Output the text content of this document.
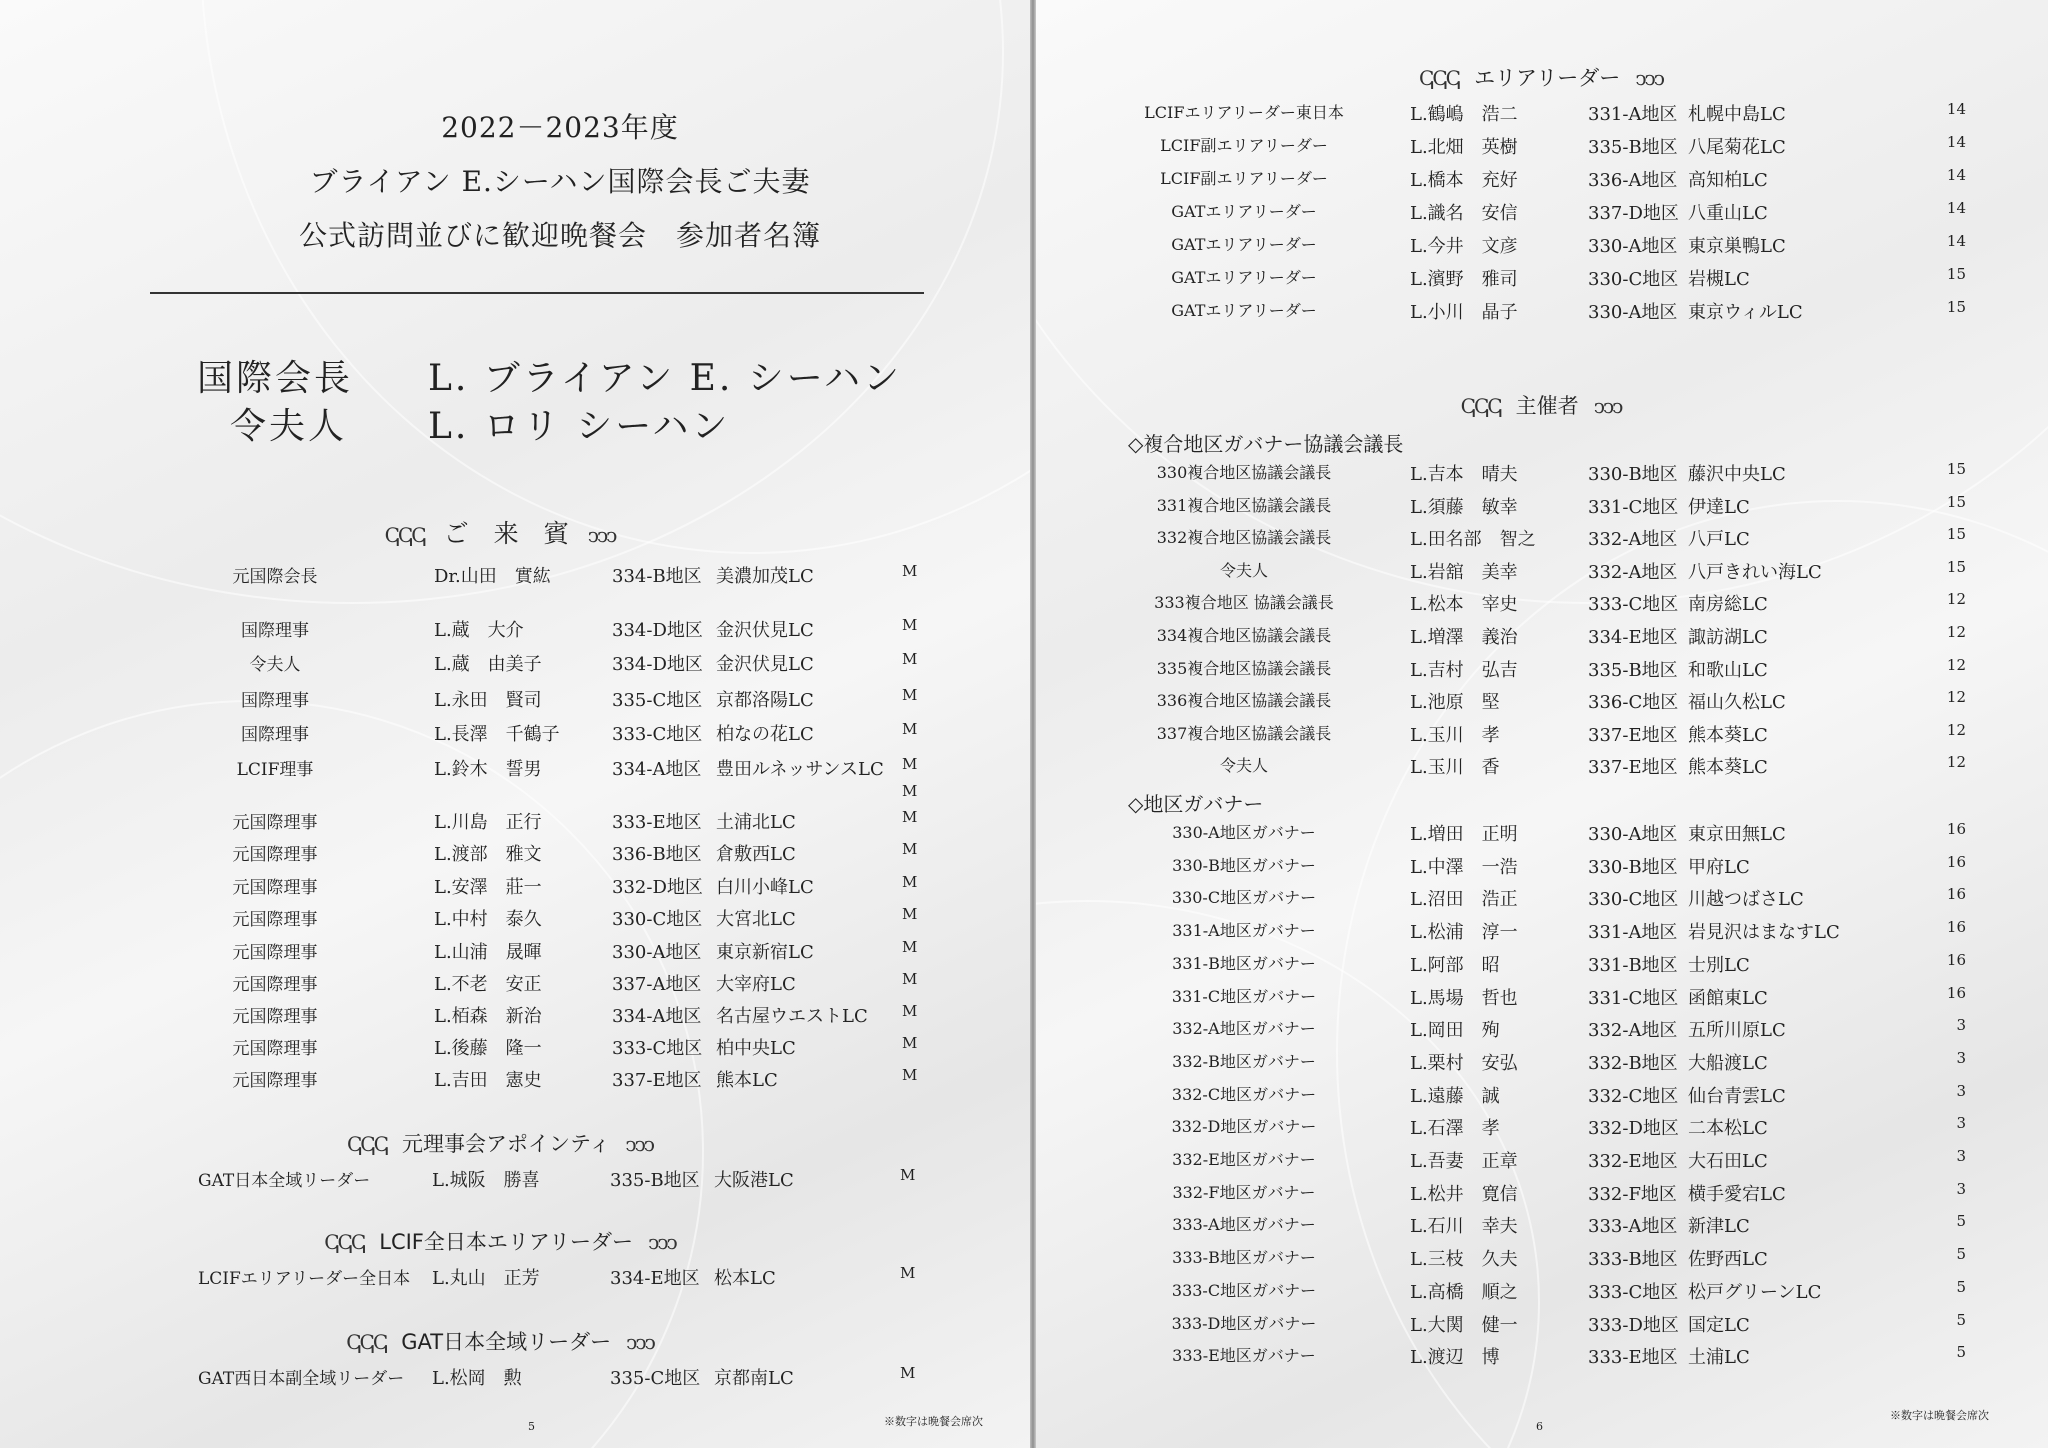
2022－2023年度
ブライアン E.シーハン国際会長ご夫妻
公式訪問並びに歓迎晩餐会　参加者名簿
国際会長 L. ブライアン E. シーハン
令夫人 L. ロリ シーハン
ↅↅↅ ご　来　賓 ↄↄↄ
ↅↅↅ 元理事会アポインティ ↄↄↄ
ↅↅↅ LCIF全日本エリアリーダー ↄↄↄ
ↅↅↅ GAT日本全域リーダー ↄↄↄ
5	※数字は晩餐会席次
元国際会長	Dr.山田　實紘	334-B地区 美濃加茂LC	M
国際理事	L.蔵　大介	334-D地区 金沢伏見LC	M
令夫人	L.蔵　由美子	334-D地区 金沢伏見LC	M
国際理事	L.永田　賢司	335-C地区 京都洛陽LC	M
国際理事	L.長澤　千鶴子	333-C地区 柏なの花LC	M
LCIF理事	L.鈴木　誓男	334-A地区 豊田ルネッサンスLC M
M
元国際理事	L.川島　正行	333-E地区 土浦北LC	M
元国際理事	L.渡部　雅文	336-B地区 倉敷西LC	M
元国際理事	L.安澤　莊一	332-D地区 白川小峰LC	M
元国際理事	L.中村　泰久	330-C地区 大宮北LC	M
元国際理事	L.山浦　晟暉	330-A地区 東京新宿LC	M
元国際理事	L.不老　安正	337-A地区 大宰府LC	M
元国際理事	L.栢森　新治	334-A地区 名古屋ウエストLC M
元国際理事	L.後藤　隆一	333-C地区 柏中央LC	M
元国際理事	L.吉田　憲史	337-E地区 熊本LC	M
GAT日本全域リーダー	L.城阪　勝喜	335-B地区 大阪港LC	M
LCIFエリアリーダー全日本 L.丸山　正芳	334-E地区 松本LC	M
GAT西日本副全域リーダー L.松岡　勲	335-C地区 京都南LC	M
ↅↅↅ エリアリーダー ↄↄↄ
ↅↅↅ 主催者 ↄↄↄ
◇複合地区ガバナー協議会議長
◇地区ガバナー
6
※数字は晩餐会席次
LCIFエリアリーダー東日本	L.鶴嶋　浩二	331-A地区 札幌中島LC	14
LCIF副エリアリーダー	L.北畑　英樹	335-B地区 八尾菊花LC	14
LCIF副エリアリーダー	L.橋本　充好	336-A地区 高知柏LC	14
GATエリアリーダー	L.識名　安信	337-D地区 八重山LC	14
GATエリアリーダー	L.今井　文彦	330-A地区 東京巣鴨LC	14
GATエリアリーダー	L.濱野　雅司	330-C地区 岩槻LC	15
GATエリアリーダー	L.小川　晶子	330-A地区 東京ウィルLC	15
330複合地区協議会議長	L.吉本　晴夫	330-B地区 藤沢中央LC	15
331複合地区協議会議長	L.須藤　敏幸	331-C地区 伊達LC	15
332複合地区協議会議長	L.田名部　智之	332-A地区 八戸LC	15
令夫人	L.岩舘　美幸	332-A地区 八戸きれい海LC	15
333複合地区 協議会議長	L.松本　宰史	333-C地区 南房総LC	12
334複合地区協議会議長	L.増澤　義治	334-E地区 諏訪湖LC	12
335複合地区協議会議長	L.吉村　弘吉	335-B地区 和歌山LC	12
336複合地区協議会議長	L.池原　堅	336-C地区 福山久松LC	12
337複合地区協議会議長	L.玉川　孝	337-E地区 熊本葵LC	12
令夫人	L.玉川　香	337-E地区 熊本葵LC	12
330-A地区ガバナー	L.増田　正明	330-A地区 東京田無LC	16
330-B地区ガバナー	L.中澤　一浩	330-B地区 甲府LC	16
330-C地区ガバナー	L.沼田　浩正	330-C地区 川越つばさLC	16
331-A地区ガバナー	L.松浦　淳一	331-A地区 岩見沢はまなすLC	16
331-B地区ガバナー	L.阿部　昭	331-B地区 士別LC	16
331-C地区ガバナー	L.馬場　哲也	331-C地区 函館東LC	16
332-A地区ガバナー	L.岡田　殉	332-A地区 五所川原LC	3
332-B地区ガバナー	L.栗村　安弘	332-B地区 大船渡LC	3
332-C地区ガバナー	L.遠藤　誠	332-C地区 仙台青雲LC	3
332-D地区ガバナー	L.石澤　孝	332-D地区 二本松LC	3
332-E地区ガバナー	L.吾妻　正章	332-E地区 大石田LC	3
332-F地区ガバナー	L.松井　寛信	332-F地区 横手愛宕LC	3
333-A地区ガバナー	L.石川　幸夫	333-A地区 新津LC	5
333-B地区ガバナー	L.三枝　久夫	333-B地区 佐野西LC	5
333-C地区ガバナー	L.高橋　順之	333-C地区 松戸グリーンLC	5
333-D地区ガバナー	L.大関　健一	333-D地区 国定LC	5
333-E地区ガバナー	L.渡辺　博	333-E地区 土浦LC	5
